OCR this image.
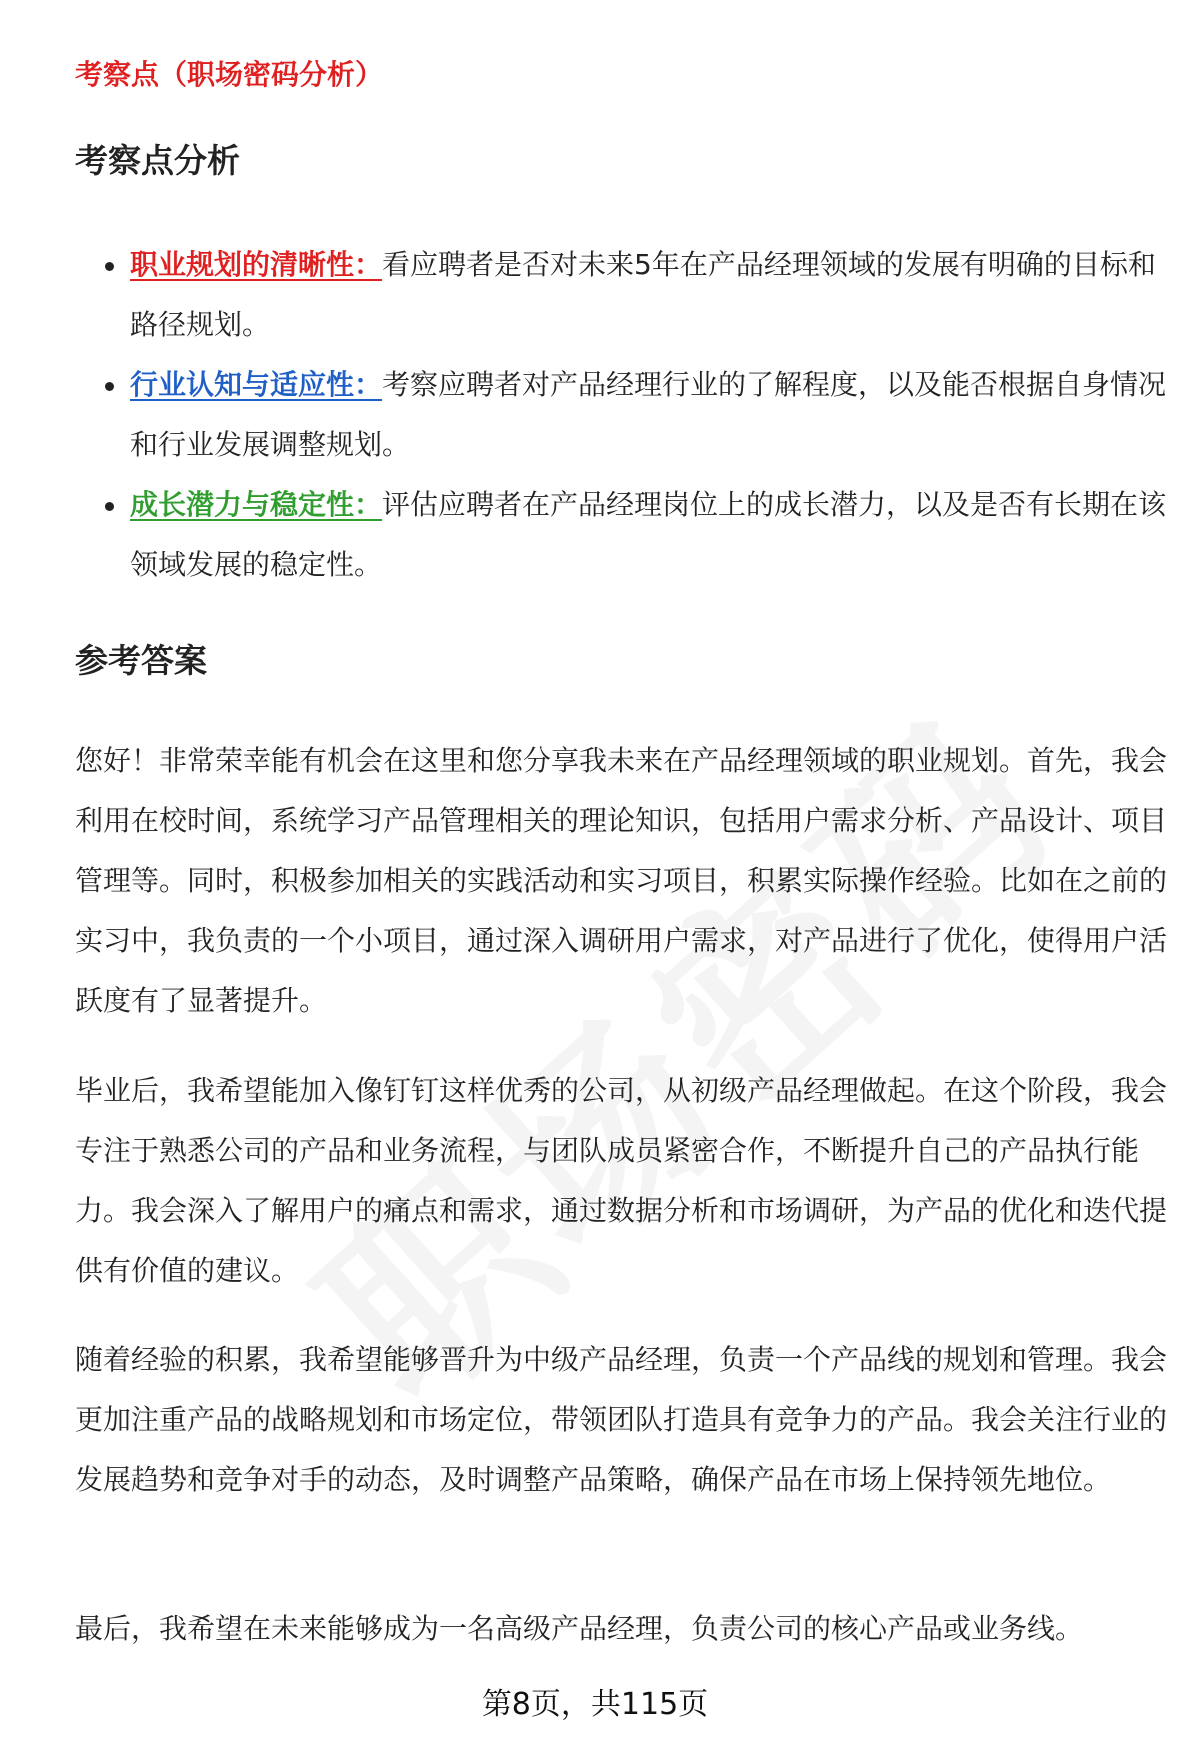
考察点（职场密码分析）
考察点分析
职业规划的清晰性：看应聘者是否对未来5年在产品经理领域的发展有明确的目标和路径规划。
行业认知与适应性：考察应聘者对产品经理行业的了解程度，以及能否根据自身情况和行业发展调整规划。
成长潜力与稳定性：评估应聘者在产品经理岗位上的成长潜力，以及是否有长期在该领域发展的稳定性。
参考答案

您好！非常荣幸能有机会在这里和您分享我未来在产品经理领域的职业规划。首先，我会利用在校时间，系统学习产品管理相关的理论知识，包括用户需求分析、产品设计、项目管理等。同时，积极参加相关的实践活动和实习项目，积累实际操作经验。比如在之前的实习中，我负责的一个小项目，通过深入调研用户需求，对产品进行了优化，使得用户活跃度有了显著提升。

毕业后，我希望能加入像钉钉这样优秀的公司，从初级产品经理做起。在这个阶段，我会专注于熟悉公司的产品和业务流程，与团队成员紧密合作，不断提升自己的产品执行能力。我会深入了解用户的痛点和需求，通过数据分析和市场调研，为产品的优化和迭代提供有价值的建议。

随着经验的积累，我希望能够晋升为中级产品经理，负责一个产品线的规划和管理。我会更加注重产品的战略规划和市场定位，带领团队打造具有竞争力的产品。我会关注行业的发展趋势和竞争对手的动态，及时调整产品策略，确保产品在市场上保持领先地位。

最后，我希望在未来能够成为一名高级产品经理，负责公司的核心产品或业务线。

第8页，共115页
